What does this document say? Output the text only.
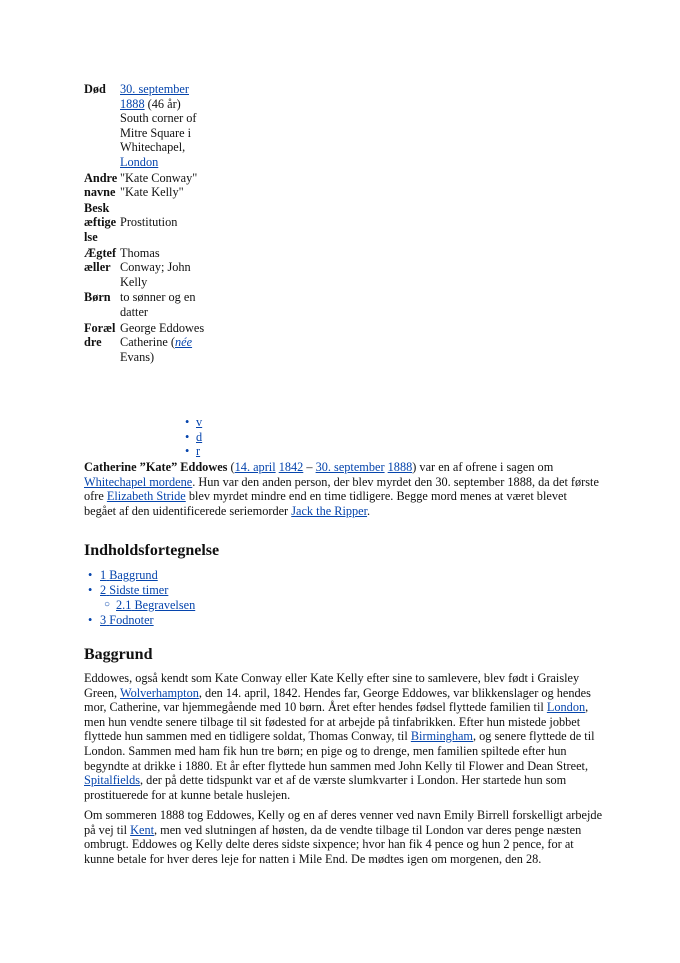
Død	30. september
1888 (46 år)
South corner of Mitre Square i Whitechapel,
London
Andre navne
"Kate Conway"
"Kate Kelly"
Beskæftigelse
Prostitution
Ægtefæller
Thomas Conway; John Kelly
Børn to sønner og en datter
Forældre
George Eddowes
Catherine (née Evans)
• v
• d
• r

Catherine ”Kate” Eddowes (14. april 1842 – 30. september 1888) var en af ofrene i sagen om Whitechapel mordene. Hun var den anden person, der blev myrdet den 30. september 1888, da det første ofre Elizabeth Stride blev myrdet mindre end en time tidligere. Begge mord menes at været blevet begået af den uidentificerede seriemorder Jack the Ripper.

Indholdsfortegnelse
• 1 Baggrund
• 2 Sidste timer
○ 2.1 Begravelsen
• 3 Fodnoter
Baggrund

Eddowes, også kendt som Kate Conway eller Kate Kelly efter sine to samlevere, blev født i Graisley Green, Wolverhampton, den 14. april, 1842. Hendes far, George Eddowes, var blikkenslager og hendes mor, Catherine, var hjemmegående med 10 børn. Året efter hendes fødsel flyttede familien til London, men hun vendte senere tilbage til sit fødested for at arbejde på tinfabrikken. Efter hun mistede jobbet flyttede hun sammen med en tidligere soldat, Thomas Conway, til Birmingham, og senere flyttede de til London. Sammen med ham fik hun tre børn; en pige og to drenge, men familien spiltede efter hun begyndte at drikke i 1880. Et år efter flyttede hun sammen med John Kelly til Flower and Dean Street, Spitalfields, der på dette tidspunkt var et af de værste slumkvarter i London. Her startede hun som prostituerede for at kunne betale huslejen.

Om sommeren 1888 tog Eddowes, Kelly og en af deres venner ved navn Emily Birrell forskelligt arbejde på vej til Kent, men ved slutningen af høsten, da de vendte tilbage til London var deres penge næsten ombrugt. Eddowes og Kelly delte deres sidste sixpence; hvor han fik 4 pence og hun 2 pence, for at kunne betale for hver deres leje for natten i Mile End. De mødtes igen om morgenen, den 28.
